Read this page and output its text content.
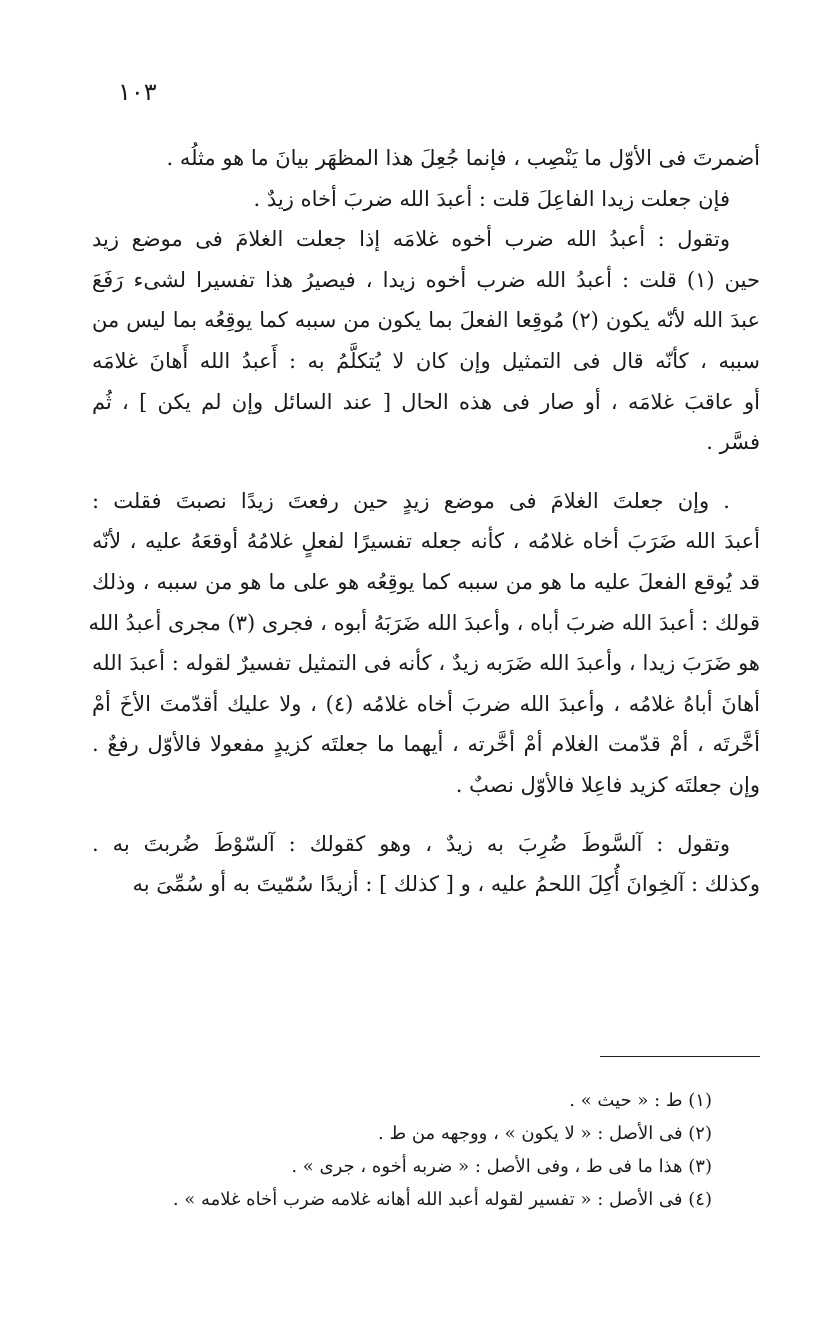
١٠٣

أضمرتَ فى الأوّل ما يَنْصِب ، فإنما جُعِلَ هذا المظهَر بيانَ ما هو مثلُه .

فإن جعلت زيدا الفاعِلَ قلت : أعبدَ الله ضربَ أخاه زيدٌ .

وتقول : أعبدُ الله ضرب أخوه غلامَه إذا جعلت الغلامَ فى موضع زيد
حين (١) قلت : أعبدُ الله ضرب أخوه زيدا ، فيصيرُ هذا تفسيرا لشىء رَفَعَ
عبدَ الله لأنّه يكون (٢) مُوقِعا الفعلَ بما يكون من سببه كما يوقِعُه بما ليس من
سببه ، كأنّه قال فى التمثيل وإن كان لا يُتكلَّمُ به : أَعبدُ الله أَهانَ غلامَه
أو عاقبَ غلامَه ، أو صار فى هذه الحال [ عند السائل وإن لم يكن ] ، ثُم
فسَّر .

. وإن جعلتَ الغلامَ فى موضع زيدٍ حين رفعتَ زيدًا نصبتَ فقلت :
أعبدَ الله ضَرَبَ أخاه غلامُه ، كأنه جعله تفسيرًا لفعلٍ غلامُهُ أوقعَهُ عليه ، لأنّه
قد يُوقع الفعلَ عليه ما هو من سببه كما يوقِعُه هو على ما هو من سببه ، وذلك
قولك : أعبدَ الله ضربَ أباه ، وأعبدَ الله ضَرَبَهُ أبوه ، فجرى (٣) مجرى أعبدُ الله
هو ضَرَبَ زيدا ، وأعبدَ الله ضَرَبه زيدٌ ، كأنه فى التمثيل تفسيرٌ لقوله : أعبدَ الله
أهانَ أباهُ غلامُه ، وأعبدَ الله ضربَ أخاه غلامُه (٤) ، ولا عليك أقدّمتَ الأخَ أمْ
أخَّرتَه ، أمْ قدّمت الغلام أمْ أخَّرته ، أيهما ما جعلتَه كزيدٍ مفعولا فالأوّل رفعٌ .
وإن جعلتَه كزيد فاعِلا فالأوّل نصبٌ .

وتقول : آلسَّوطَ ضُرِبَ به زيدٌ ، وهو كقولك : آلسّوْطَ ضُربتَ به .
وكذلك : آلخِوانَ أُكِلَ اللحمُ عليه ، و [ كذلك ] : أزيدًا سُمّيتَ به أو سُمِّىَ به

(١) ط : « حيث » .
(٢) فى الأصل : « لا يكون » ، ووجهه من ط .
(٣) هذا ما فى ط ، وفى الأصل : « ضربه أخوه ، جرى » .
(٤) فى الأصل : « تفسير لقوله أعبد الله أهانه غلامه ضرب أخاه غلامه » .
